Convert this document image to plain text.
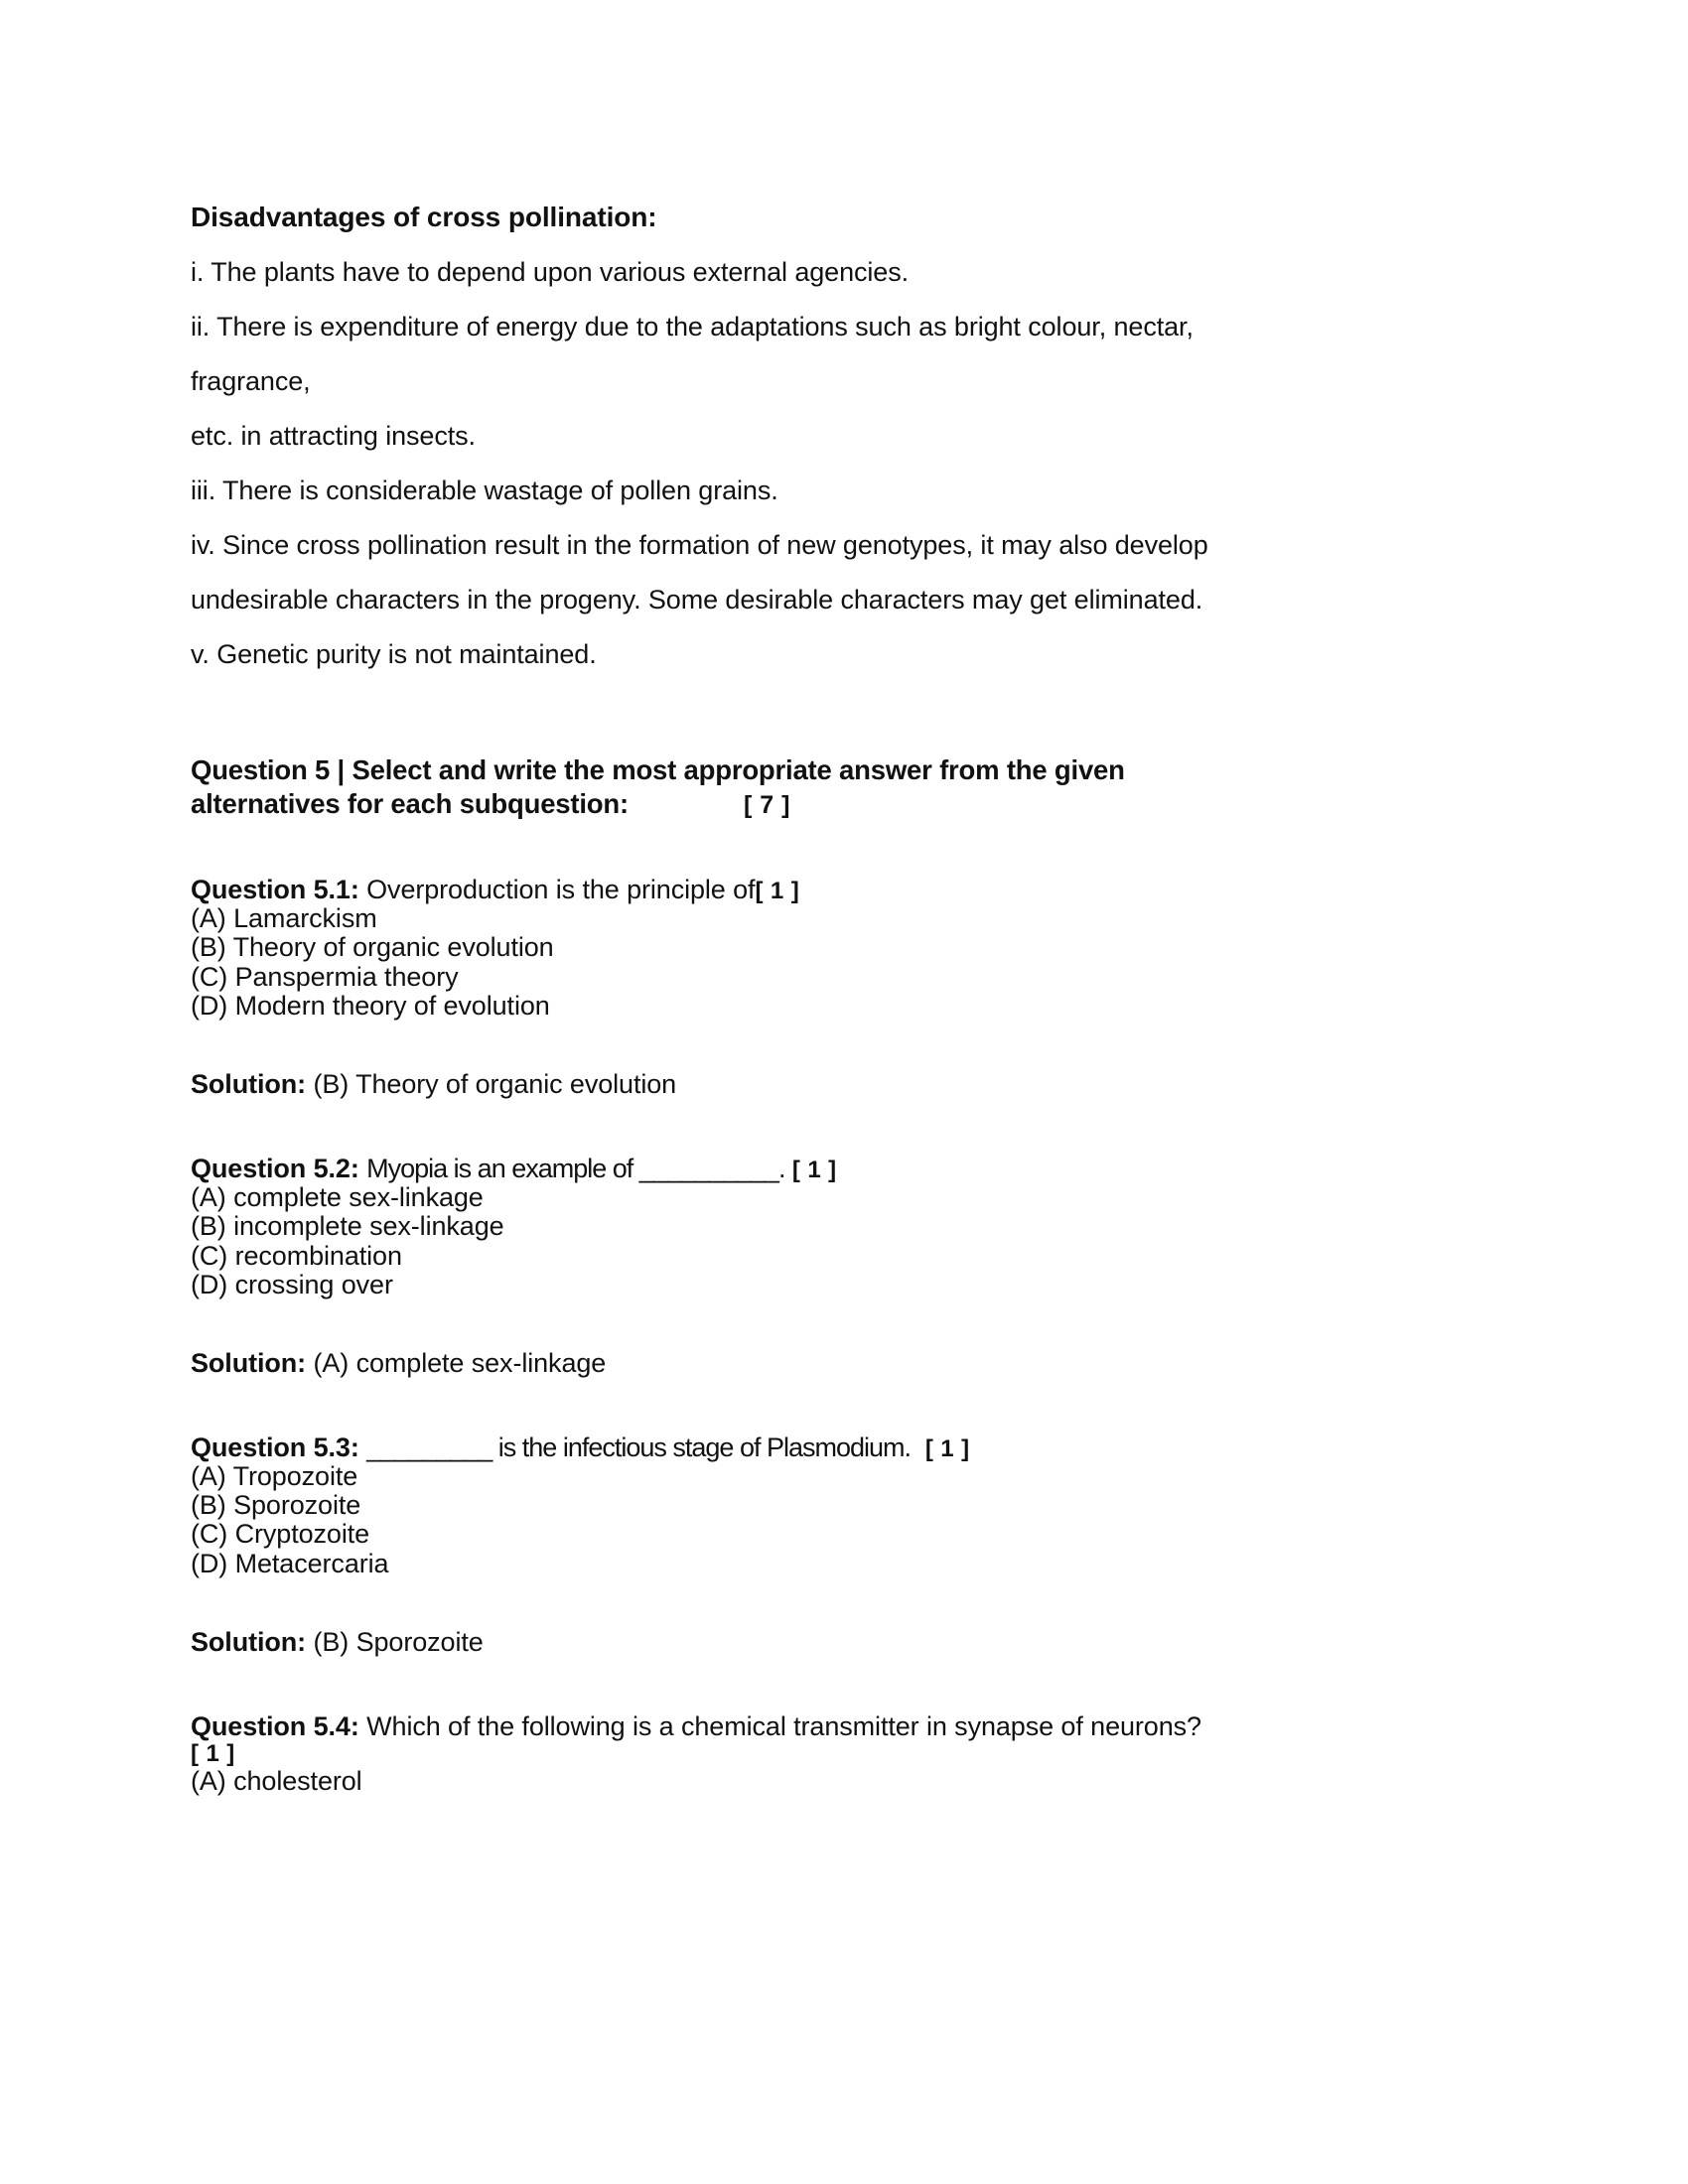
Disadvantages of cross pollination:

i. The plants have to depend upon various external agencies.

ii. There is expenditure of energy due to the adaptations such as bright colour, nectar,

fragrance,

etc. in attracting insects.

iii. There is considerable wastage of pollen grains.

iv. Since cross pollination result in the formation of new genotypes, it may also develop

undesirable characters in the progeny. Some desirable characters may get eliminated.

v. Genetic purity is not maintained.

Question 5 | Select and write the most appropriate answer from the given
alternatives for each subquestion:	[ 7 ]

Question 5.1: Overproduction is the principle of[ 1 ]

(A) Lamarckism
(B) Theory of organic evolution
(C) Panspermia theory
(D) Modern theory of evolution

Solution: (B) Theory of organic evolution

Question 5.2: Myopia is an example of __________. [ 1 ]

(A) complete sex-linkage
(B) incomplete sex-linkage
(C) recombination
(D) crossing over

Solution: (A) complete sex-linkage

Question 5.3: _________ is the infectious stage of Plasmodium. [ 1 ]

(A) Tropozoite
(B) Sporozoite
(C) Cryptozoite
(D) Metacercaria

Solution: (B) Sporozoite

Question 5.4: Which of the following is a chemical transmitter in synapse of neurons?

[ 1 ]

(A) cholesterol
